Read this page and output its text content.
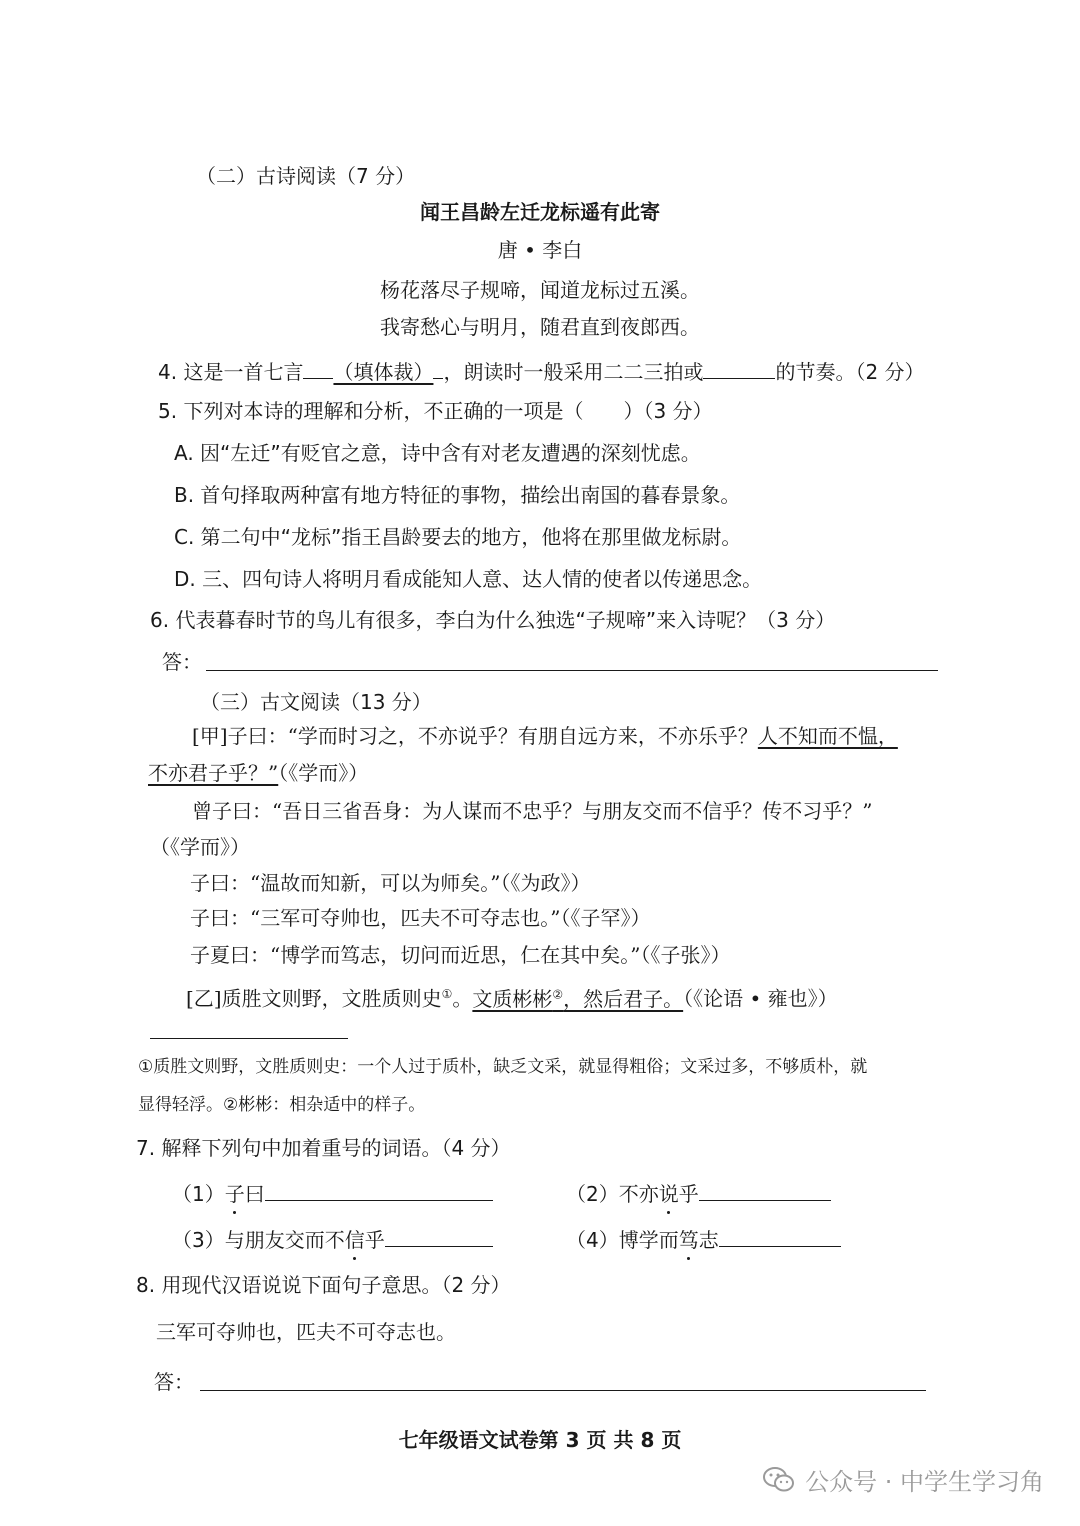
（二）古诗阅读（7 分）
闻王昌龄左迁龙标遥有此寄
唐 • 李白
杨花落尽子规啼，闻道龙标过五溪。
我寄愁心与明月，随君直到夜郎西。
4. 这是一首七言 （填体裁） ，朗读时一般采用二二三拍或	的节奏。（2 分）
5. 下列对本诗的理解和分析，不正确的一项是（　　）（3 分）
A. 因“左迁”有贬官之意，诗中含有对老友遭遇的深刻忧虑。
B. 首句择取两种富有地方特征的事物，描绘出南国的暮春景象。
C. 第二句中“龙标”指王昌龄要去的地方，他将在那里做龙标尉。
D. 三、四句诗人将明月看成能知人意、达人情的使者以传递思念。
6. 代表暮春时节的鸟儿有很多，李白为什么独选“子规啼”来入诗呢？（3 分）
答：
（三）古文阅读（13 分）
[甲]子曰：“学而时习之，不亦说乎？有朋自远方来，不亦乐乎？人不知而不愠，
不亦君子乎？”（《学而》）
曾子曰：“吾日三省吾身：为人谋而不忠乎？与朋友交而不信乎？传不习乎？”
（《学而》）
子曰：“温故而知新，可以为师矣。”（《为政》）
子曰：“三军可夺帅也，匹夫不可夺志也。”（《子罕》）
子夏曰：“博学而笃志，切问而近思，仁在其中矣。”（《子张》）
[乙]质胜文则野，文胜质则史①。文质彬彬②，然后君子。（《论语 • 雍也》）
①质胜文则野，文胜质则史：一个人过于质朴，缺乏文采，就显得粗俗；文采过多，不够质朴，就
显得轻浮。②彬彬：相杂适中的样子。
7. 解释下列句中加着重号的词语。（4 分）
（1）子曰	（2）不亦说乎
（3）与朋友交而不信乎	（4）博学而笃志
8. 用现代汉语说说下面句子意思。（2 分）
三军可夺帅也，匹夫不可夺志也。
答：
七年级语文试卷第 3 页 共 8 页
公众号 · 中学生学习角
